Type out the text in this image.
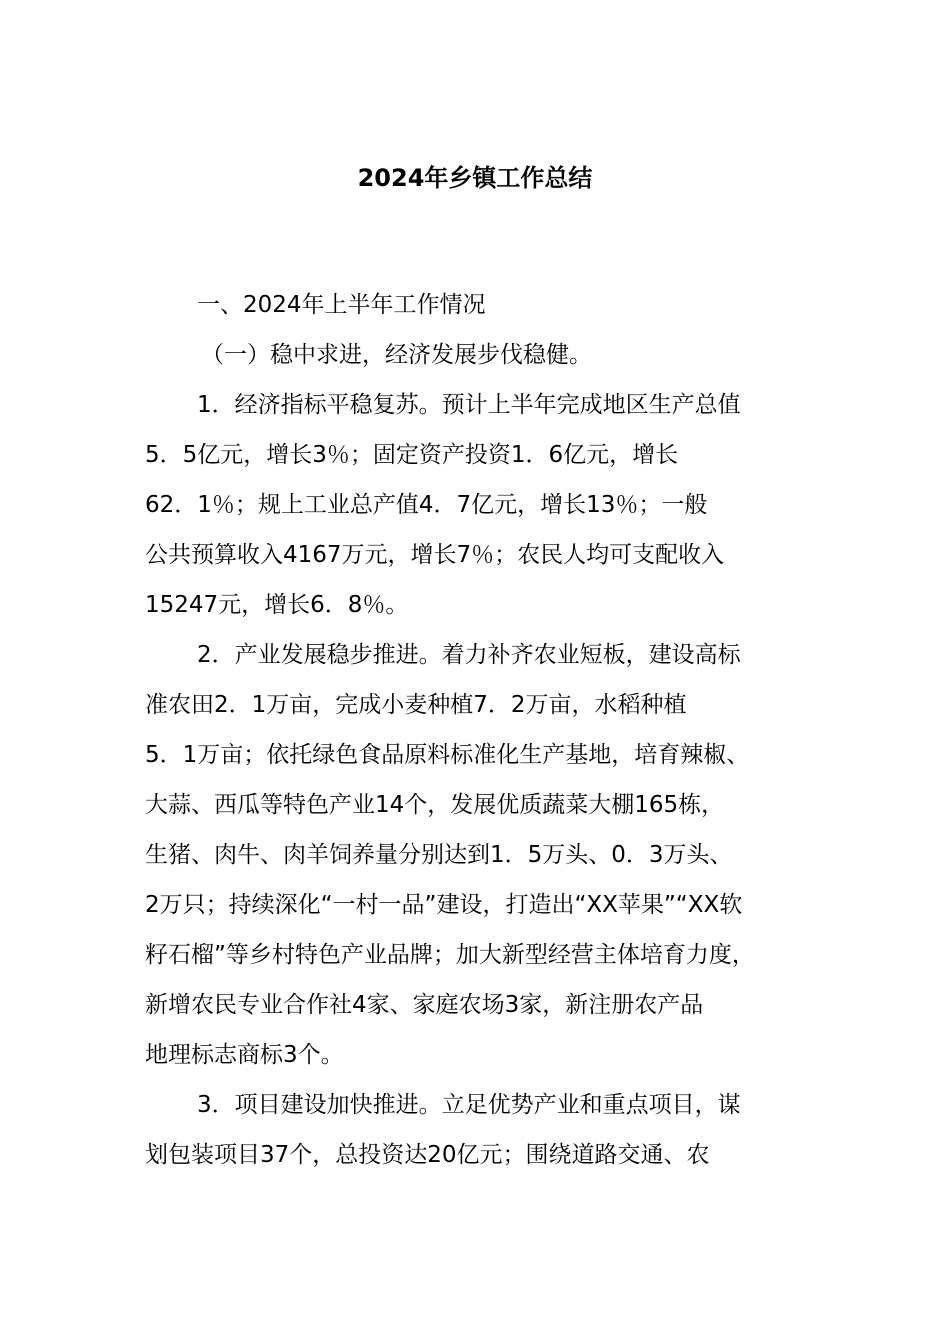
2024年乡镇工作总结
一、2024年上半年工作情况
（一）稳中求进，经济发展步伐稳健。
1．经济指标平稳复苏。预计上半年完成地区生产总值
5．5亿元，增长3％；固定资产投资1．6亿元，增长
62．1％；规上工业总产值4．7亿元，增长13％；一般
公共预算收入4167万元，增长7％；农民人均可支配收入
15247元，增长6．8％。
2．产业发展稳步推进。着力补齐农业短板，建设高标
准农田2．1万亩，完成小麦种植7．2万亩，水稻种植
5．1万亩；依托绿色食品原料标准化生产基地，培育辣椒、
大蒜、西瓜等特色产业14个，发展优质蔬菜大棚165栋，
生猪、肉牛、肉羊饲养量分别达到1．5万头、0．3万头、
2万只；持续深化“一村一品”建设，打造出“XX苹果”“XX软
籽石榴”等乡村特色产业品牌；加大新型经营主体培育力度，
新增农民专业合作社4家、家庭农场3家，新注册农产品
地理标志商标3个。
3．项目建设加快推进。立足优势产业和重点项目，谋
划包装项目37个，总投资达20亿元；围绕道路交通、农
